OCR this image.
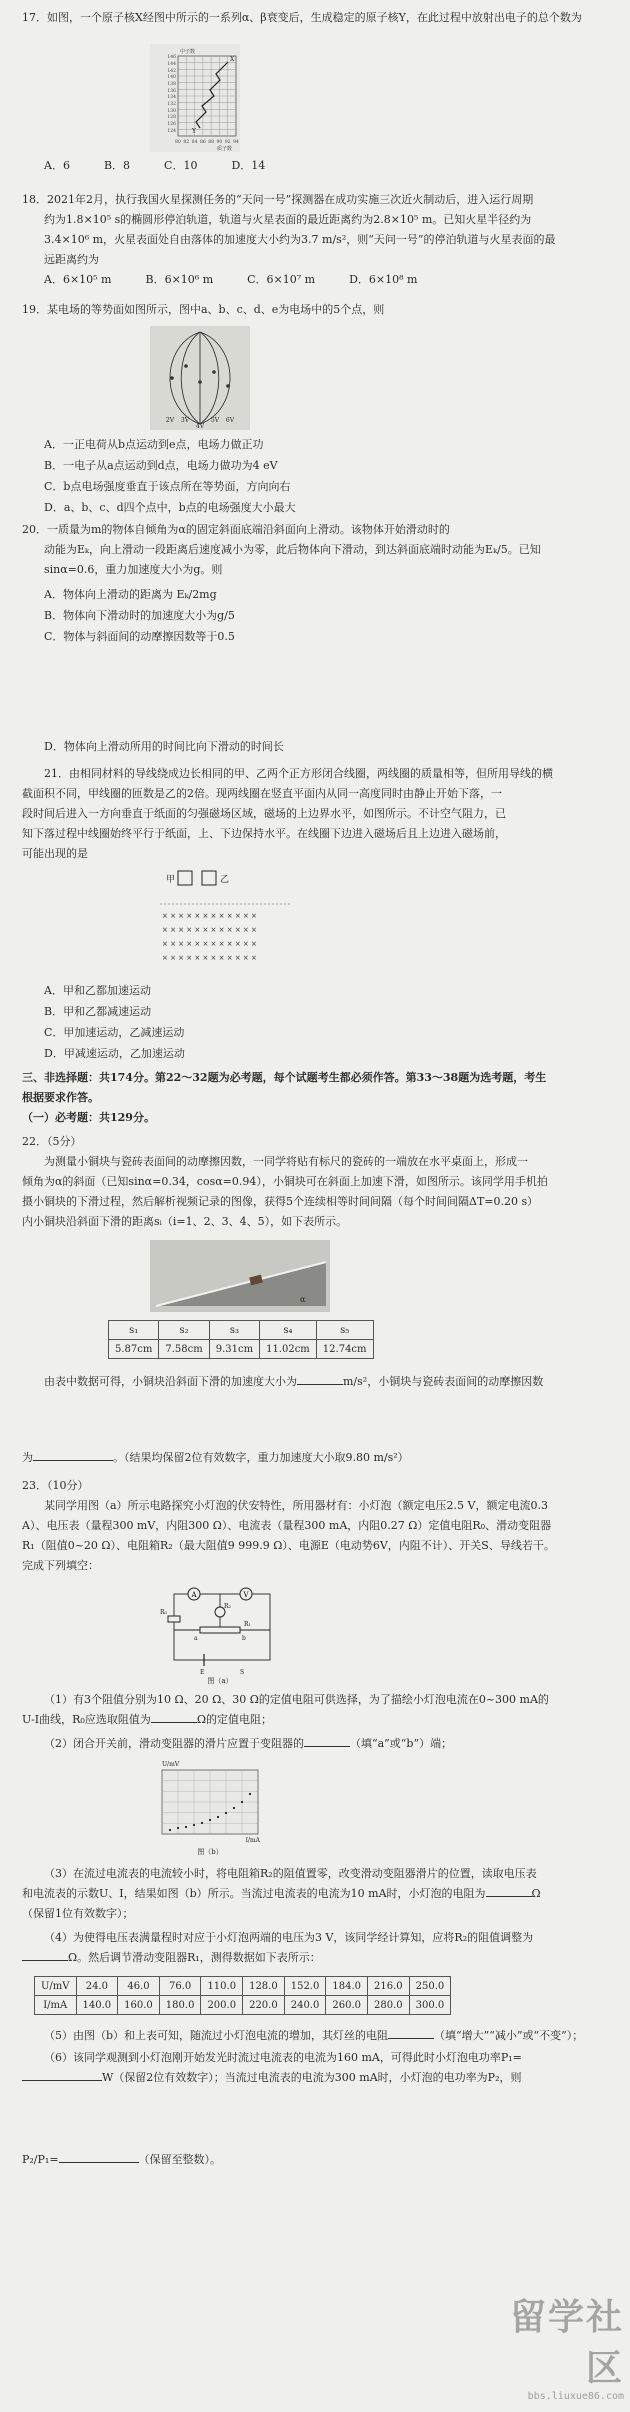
17．如图，一个原子核X经图中所示的一系列α、β衰变后，生成稳定的原子核Y，在此过程中放射出电子的总个数为

中子数
X
Y
146
144
142
140
138
136
134
132
130
128
126
124
80 82 84 86 88 90 92 94
质子数
A．6	B．8	C．10	D．14

18．2021年2月，执行我国火星探测任务的“天问一号”探测器在成功实施三次近火制动后，进入运行周期

约为1.8×10⁵ s的椭圆形停泊轨道，轨道与火星表面的最近距离约为2.8×10⁵ m。已知火星半径约为

3.4×10⁶ m，火星表面处自由落体的加速度大小约为3.7 m/s²，则“天问一号”的停泊轨道与火星表面的最

远距离约为

A．6×10⁵ m	B．6×10⁶ m	C．6×10⁷ m	D．6×10⁸ m

19．某电场的等势面如图所示，图中a、b、c、d、e为电场中的5个点，则

2V 3V
4V
5V 6V

A．一正电荷从b点运动到e点，电场力做正功

B．一电子从a点运动到d点，电场力做功为4 eV

C．b点电场强度垂直于该点所在等势面，方向向右

D．a、b、c、d四个点中，b点的电场强度大小最大

20．一质量为m的物体自倾角为α的固定斜面底端沿斜面向上滑动。该物体开始滑动时的

动能为Eₖ，向上滑动一段距离后速度减小为零，此后物体向下滑动，到达斜面底端时动能为Eₖ/5。已知

sinα=0.6，重力加速度大小为g。则

A．物体向上滑动的距离为 Eₖ/2mg

B．物体向下滑动时的加速度大小为g/5

C．物体与斜面间的动摩擦因数等于0.5

D．物体向上滑动所用的时间比向下滑动的时间长

21．由相同材料的导线绕成边长相同的甲、乙两个正方形闭合线圈，两线圈的质量相等，但所用导线的横

截面积不同，甲线圈的匝数是乙的2倍。现两线圈在竖直平面内从同一高度同时由静止开始下落，一

段时间后进入一方向垂直于纸面的匀强磁场区域，磁场的上边界水平，如图所示。不计空气阻力，已

知下落过程中线圈始终平行于纸面，上、下边保持水平。在线圈下边进入磁场后且上边进入磁场前，

可能出现的是

甲	乙
× × × × × × × × × × × ×
× × × × × × × × × × × ×
× × × × × × × × × × × ×
× × × × × × × × × × × ×

A．甲和乙都加速运动

B．甲和乙都减速运动

C．甲加速运动，乙减速运动

D．甲减速运动，乙加速运动

三、非选择题：共174分。第22～32题为必考题，每个试题考生都必须作答。第33～38题为选考题，考生

根据要求作答。

（一）必考题：共129分。

22．（5分）

为测量小铜块与瓷砖表面间的动摩擦因数，一同学将贴有标尺的瓷砖的一端放在水平桌面上，形成一

倾角为α的斜面（已知sinα=0.34，cosα=0.94），小铜块可在斜面上加速下滑，如图所示。该同学用手机拍

摄小铜块的下滑过程，然后解析视频记录的图像，获得5个连续相等时间间隔（每个时间间隔ΔT=0.20 s）

内小铜块沿斜面下滑的距离sᵢ（i=1、2、3、4、5），如下表所示。

α
s₁	s₂	s₃	s₄	s₅
5.87cm	7.58cm	9.31cm	11.02cm	12.74cm

由表中数据可得，小铜块沿斜面下滑的加速度大小为	m/s²，小铜块与瓷砖表面间的动摩擦因数

为	。（结果均保留2位有效数字，重力加速度大小取9.80 m/s²）

23．（10分）

某同学用图（a）所示电路探究小灯泡的伏安特性，所用器材有：小灯泡（额定电压2.5 V，额定电流0.3

A）、电压表（量程300 mV，内阻300 Ω）、电流表（量程300 mA，内阻0.27 Ω）定值电阻R₀、滑动变阻器

R₁（阻值0~20 Ω）、电阻箱R₂（最大阻值9 999.9 Ω）、电源E（电动势6V，内阻不计）、开关S、导线若干。

完成下列填空：

A	V
R₂
R₀
R₁
a	b
E	S
图（a）

（1）有3个阻值分别为10 Ω、20 Ω、30 Ω的定值电阻可供选择，为了描绘小灯泡电流在0~300 mA的

U-I曲线，R₀应选取阻值为	Ω的定值电阻；

（2）闭合开关前，滑动变阻器的滑片应置于变阻器的	（填“a”或“b”）端；

U/mV
I/mA
图（b）

（3）在流过电流表的电流较小时，将电阻箱R₂的阻值置零，改变滑动变阻器滑片的位置，读取电压表

和电流表的示数U、I，结果如图（b）所示。当流过电流表的电流为10 mA时，小灯泡的电阻为	Ω

（保留1位有效数字）；

（4）为使得电压表满量程时对应于小灯泡两端的电压为3 V，该同学经计算知，应将R₂的阻值调整为

Ω。然后调节滑动变阻器R₁，测得数据如下表所示：

U/mV	24.0	46.0	76.0	110.0	128.0	152.0	184.0	216.0	250.0
I/mA	140.0	160.0	180.0	200.0	220.0	240.0	260.0	280.0	300.0

（5）由图（b）和上表可知，随流过小灯泡电流的增加，其灯丝的电阻	（填“增大”“减小”或“不变”）；

（6）该同学观测到小灯泡刚开始发光时流过电流表的电流为160 mA，可得此时小灯泡电功率P₁=

W（保留2位有效数字）；当流过电流表的电流为300 mA时，小灯泡的电功率为P₂，则

P₂/P₁=	（保留至整数）。

留学社区
bbs.liuxue86.com
